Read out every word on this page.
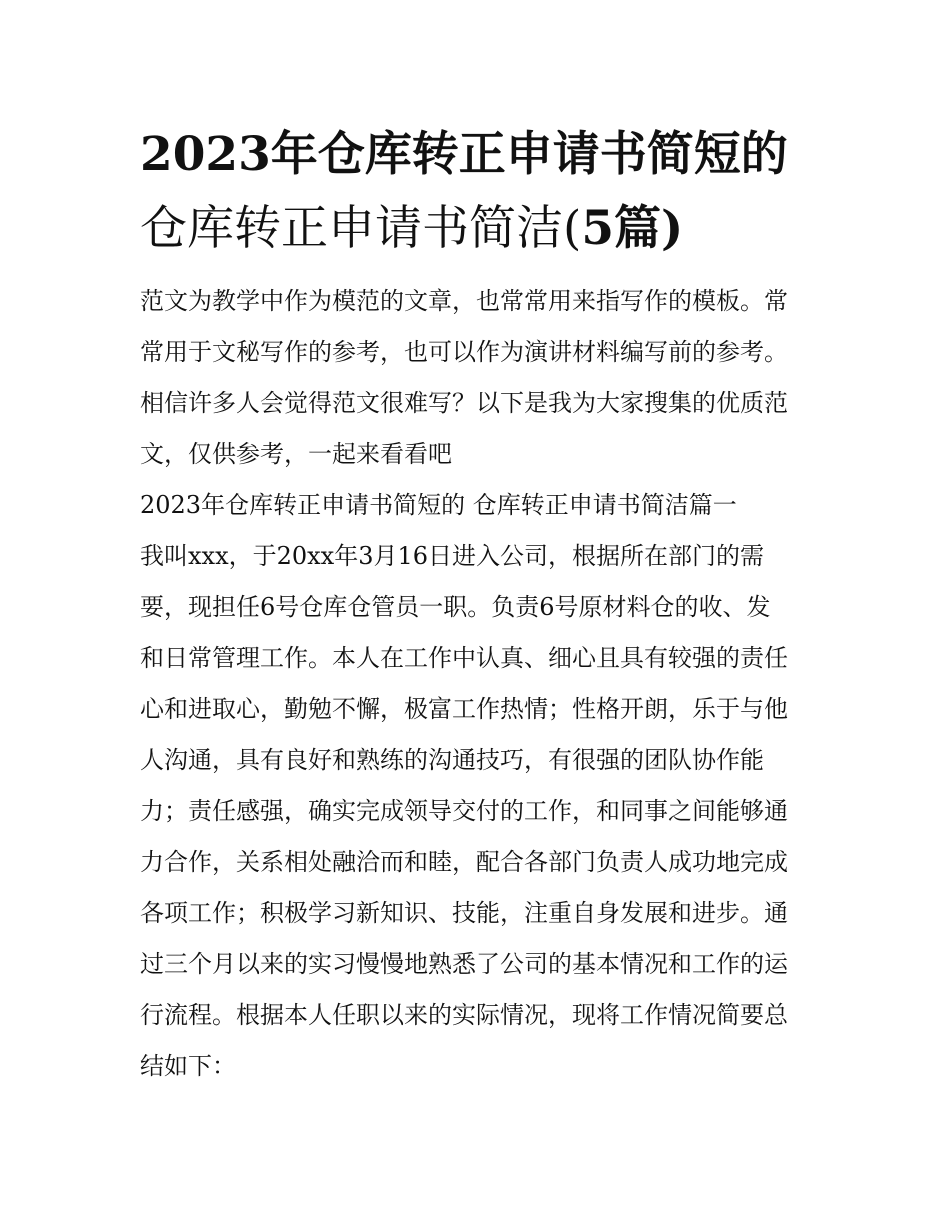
2023年仓库转正申请书简短的
仓库转正申请书简洁(5篇)
范文为教学中作为模范的文章，也常常用来指写作的模板。常
常用于文秘写作的参考，也可以作为演讲材料编写前的参考。
相信许多人会觉得范文很难写？以下是我为大家搜集的优质范
文，仅供参考，一起来看看吧
2023年仓库转正申请书简短的 仓库转正申请书简洁篇一
我叫xxx，于20xx年3月16日进入公司，根据所在部门的需
要，现担任6号仓库仓管员一职。负责6号原材料仓的收、发
和日常管理工作。本人在工作中认真、细心且具有较强的责任
心和进取心，勤勉不懈，极富工作热情；性格开朗，乐于与他
人沟通，具有良好和熟练的沟通技巧，有很强的团队协作能
力；责任感强，确实完成领导交付的工作，和同事之间能够通
力合作，关系相处融洽而和睦，配合各部门负责人成功地完成
各项工作；积极学习新知识、技能，注重自身发展和进步。通
过三个月以来的实习慢慢地熟悉了公司的基本情况和工作的运
行流程。根据本人任职以来的实际情况，现将工作情况简要总
结如下：
